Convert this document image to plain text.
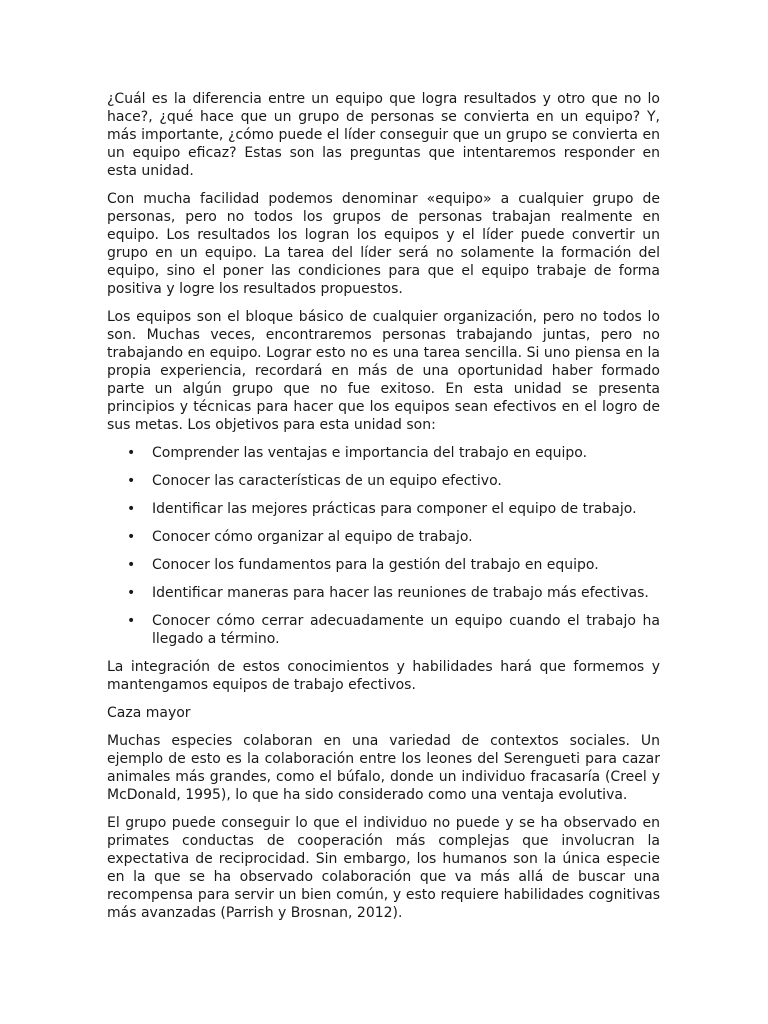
¿Cuál es la diferencia entre un equipo que logra resultados y otro que no lo hace?, ¿qué hace que un grupo de personas se convierta en un equipo? Y, más importante, ¿cómo puede el líder conseguir que un grupo se convierta en un equipo eficaz? Estas son las preguntas que intentaremos responder en esta unidad.

Con mucha facilidad podemos denominar «equipo» a cualquier grupo de personas, pero no todos los grupos de personas trabajan realmente en equipo. Los resultados los logran los equipos y el líder puede convertir un grupo en un equipo. La tarea del líder será no solamente la formación del equipo, sino el poner las condiciones para que el equipo trabaje de forma positiva y logre los resultados propuestos.

Los equipos son el bloque básico de cualquier organización, pero no todos lo son. Muchas veces, encontraremos personas trabajando juntas, pero no trabajando en equipo. Lograr esto no es una tarea sencilla. Si uno piensa en la propia experiencia, recordará en más de una oportunidad haber formado parte un algún grupo que no fue exitoso. En esta unidad se presenta principios y técnicas para hacer que los equipos sean efectivos en el logro de sus metas. Los objetivos para esta unidad son:

• Comprender las ventajas e importancia del trabajo en equipo.
• Conocer las características de un equipo efectivo.
• Identificar las mejores prácticas para componer el equipo de trabajo.
• Conocer cómo organizar al equipo de trabajo.
• Conocer los fundamentos para la gestión del trabajo en equipo.
• Identificar maneras para hacer las reuniones de trabajo más efectivas.
• Conocer cómo cerrar adecuadamente un equipo cuando el trabajo ha llegado a término.

La integración de estos conocimientos y habilidades hará que formemos y mantengamos equipos de trabajo efectivos.

Caza mayor

Muchas especies colaboran en una variedad de contextos sociales. Un ejemplo de esto es la colaboración entre los leones del Serengueti para cazar animales más grandes, como el búfalo, donde un individuo fracasaría (Creel y McDonald, 1995), lo que ha sido considerado como una ventaja evolutiva.

El grupo puede conseguir lo que el individuo no puede y se ha observado en primates conductas de cooperación más complejas que involucran la expectativa de reciprocidad. Sin embargo, los humanos son la única especie en la que se ha observado colaboración que va más allá de buscar una recompensa para servir un bien común, y esto requiere habilidades cognitivas más avanzadas (Parrish y Brosnan, 2012).
